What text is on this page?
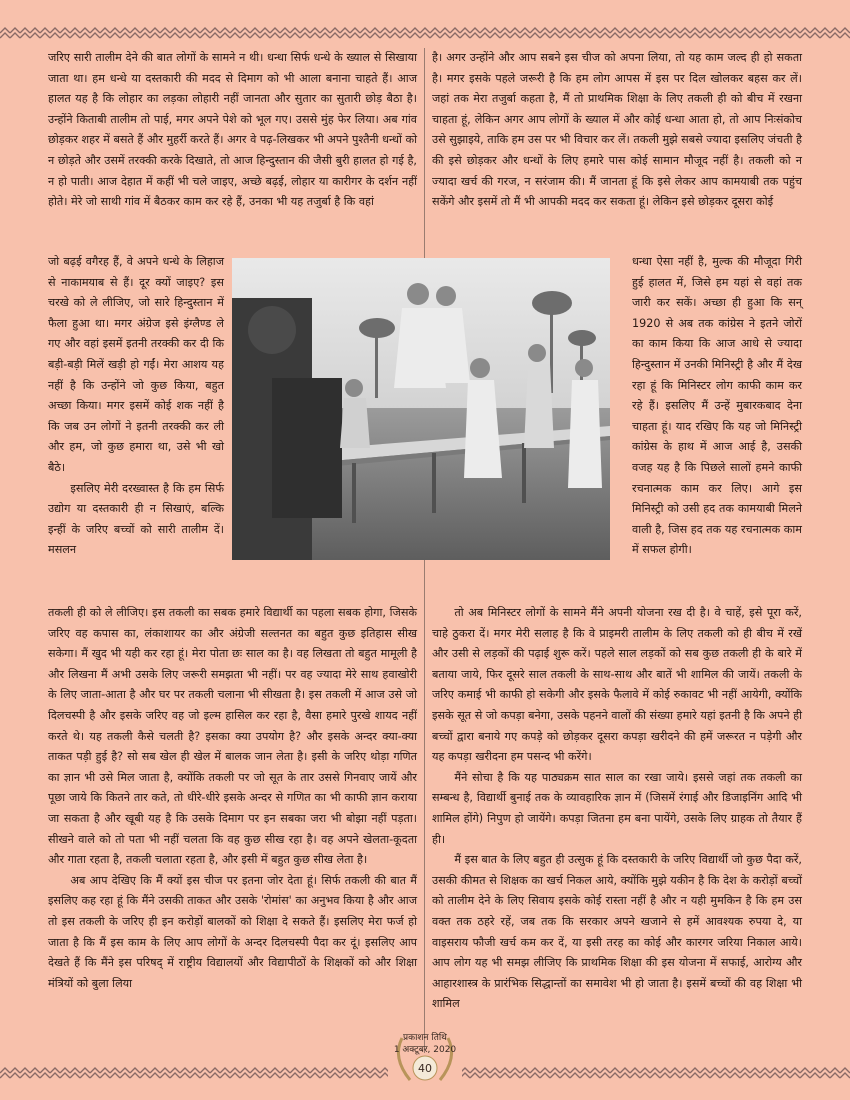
जरिए सारी तालीम देने की बात लोगों के सामने न थी। धन्धा सिर्फ धन्धे के ख्याल से सिखाया जाता था। हम धन्धे या दस्तकारी की मदद से दिमाग को भी आला बनाना चाहते हैं। आज हालत यह है कि लोहार का लड़का लोहारी नहीं जानता और सुतार का सुतारी छोड़ बैठा है। उन्होंने किताबी तालीम तो पाई, मगर अपने पेशे को भूल गए। उससे मुंह फेर लिया। अब गांव छोड़कर शहर में बसते हैं और मुहर्री करते हैं। अगर वे पढ़-लिखकर भी अपने पुश्तैनी धन्धों को न छोड़ते और उसमें तरक्की करके दिखाते, तो आज हिन्दुस्तान की जैसी बुरी हालत हो गई है, न हो पाती। आज देहात में कहीं भी चले जाइए, अच्छे बढ़ई, लोहार या कारीगर के दर्शन नहीं होते। मेरे जो साथी गांव में बैठकर काम कर रहे हैं, उनका भी यह तजुर्बा है कि वहां

जो बढ़ई वगैरह हैं, वे अपने धन्धे के लिहाज से नाकामयाब से हैं। दूर क्यों जाइए? इस चरखे को ले लीजिए, जो सारे हिन्दुस्तान में फैला हुआ था। मगर अंग्रेज इसे इंग्लैण्ड ले गए और वहां इसमें इतनी तरक्की कर दी कि बड़ी-बड़ी मिलें खड़ी हो गईं। मेरा आशय यह नहीं है कि उन्होंने जो कुछ किया, बहुत अच्छा किया। मगर इसमें कोई शक नहीं है कि जब उन लोगों ने इतनी तरक्की कर ली और हम, जो कुछ हमारा था, उसे भी खो बैठे।

इसलिए मेरी दरख्वास्त है कि हम सिर्फ उद्योग या दस्तकारी ही न सिखाएं, बल्कि इन्हीं के जरिए बच्चों को सारी तालीम दें। मसलन

तकली ही को ले लीजिए। इस तकली का सबक हमारे विद्यार्थी का पहला सबक होगा, जिसके जरिए वह कपास का, लंकाशायर का और अंग्रेजी सल्तनत का बहुत कुछ इतिहास सीख सकेगा। मैं खुद भी यही कर रहा हूं। मेरा पोता छः साल का है। वह लिखता तो बहुत मामूली है और लिखना मैं अभी उसके लिए जरूरी समझता भी नहीं। पर वह ज्यादा मेरे साथ हवाखोरी के लिए जाता-आता है और घर पर तकली चलाना भी सीखता है। इस तकली में आज उसे जो दिलचस्पी है और इसके जरिए वह जो इल्म हासिल कर रहा है, वैसा हमारे पुरखे शायद नहीं करते थे। यह तकली कैसे चलती है? इसका क्या उपयोग है? और इसके अन्दर क्या-क्या ताकत पड़ी हुई है? सो सब खेल ही खेल में बालक जान लेता है। इसी के जरिए थोड़ा गणित का ज्ञान भी उसे मिल जाता है, क्योंकि तकली पर जो सूत के तार उससे गिनवाए जायें और पूछा जाये कि कितने तार कते, तो धीरे-धीरे इसके अन्दर से गणित का भी काफी ज्ञान कराया जा सकता है और खूबी यह है कि उसके दिमाग पर इन सबका जरा भी बोझा नहीं पड़ता। सीखने वाले को तो पता भी नहीं चलता कि वह कुछ सीख रहा है। वह अपने खेलता-कूदता और गाता रहता है, तकली चलाता रहता है, और इसी में बहुत कुछ सीख लेता है।

अब आप देखिए कि मैं क्यों इस चीज पर इतना जोर देता हूं। सिर्फ तकली की बात मैं इसलिए कह रहा हूं कि मैंने उसकी ताकत और उसके 'रोमांस' का अनुभव किया है और आज तो इस तकली के जरिए ही इन करोड़ों बालकों को शिक्षा दे सकते हैं। इसलिए मेरा फर्ज हो जाता है कि मैं इस काम के लिए आप लोगों के अन्दर दिलचस्पी पैदा कर दूं। इसलिए आप देखते हैं कि मैंने इस परिषद् में राष्ट्रीय विद्यालयों और विद्यापीठों के शिक्षकों को और शिक्षा मंत्रियों को बुला लिया

है। अगर उन्होंने और आप सबने इस चीज को अपना लिया, तो यह काम जल्द ही हो सकता है। मगर इसके पहले जरूरी है कि हम लोग आपस में इस पर दिल खोलकर बहस कर लें। जहां तक मेरा तजुर्बा कहता है, मैं तो प्राथमिक शिक्षा के लिए तकली ही को बीच में रखना चाहता हूं, लेकिन अगर आप लोगों के ख्याल में और कोई धन्धा आता हो, तो आप निःसंकोच उसे सुझाइये, ताकि हम उस पर भी विचार कर लें। तकली मुझे सबसे ज्यादा इसलिए जंचती है की इसे छोड़कर और धन्धों के लिए हमारे पास कोई सामान मौजूद नहीं है। तकली को न ज्यादा खर्च की गरज, न सरंजाम की। मैं जानता हूं कि इसे लेकर आप कामयाबी तक पहुंच सकेंगे और इसमें तो मैं भी आपकी मदद कर सकता हूं। लेकिन इसे छोड़कर दूसरा कोई

धन्धा ऐसा नहीं है, मुल्क की मौजूदा गिरी हुई हालत में, जिसे हम यहां से वहां तक जारी कर सकें। अच्छा ही हुआ कि सन् 1920 से अब तक कांग्रेस ने इतने जोरों का काम किया कि आज आधे से ज्यादा हिन्दुस्तान में उनकी मिनिस्ट्री है और मैं देख रहा हूं कि मिनिस्टर लोग काफी काम कर रहे हैं। इसलिए मैं उन्हें मुबारकबाद देना चाहता हूं। याद रखिए कि यह जो मिनिस्ट्री कांग्रेस के हाथ में आज आई है, उसकी वजह यह है कि पिछले सालों हमने काफी रचनात्मक काम कर लिए। आगे इस मिनिस्ट्री को उसी हद तक कामयाबी मिलने वाली है, जिस हद तक यह रचनात्मक काम में सफल होगी।

तो अब मिनिस्टर लोगों के सामने मैंने अपनी योजना रख दी है। वे चाहें, इसे पूरा करें, चाहे ठुकरा दें। मगर मेरी सलाह है कि वे प्राइमरी तालीम के लिए तकली को ही बीच में रखें और उसी से लड़कों की पढ़ाई शुरू करें। पहले साल लड़कों को सब कुछ तकली ही के बारे में बताया जाये, फिर दूसरे साल तकली के साथ-साथ और बातें भी शामिल की जायें। तकली के जरिए कमाई भी काफी हो सकेगी और इसके फैलावे में कोई रुकावट भी नहीं आयेगी, क्योंकि इसके सूत से जो कपड़ा बनेगा, उसके पहनने वालों की संख्या हमारे यहां इतनी है कि अपने ही बच्चों द्वारा बनाये गए कपड़े को छोड़कर दूसरा कपड़ा खरीदने की हमें जरूरत न पड़ेगी और यह कपड़ा खरीदना हम पसन्द भी करेंगे।

मैंने सोचा है कि यह पाठ्यक्रम सात साल का रखा जाये। इससे जहां तक तकली का सम्बन्ध है, विद्यार्थी बुनाई तक के व्यावहारिक ज्ञान में (जिसमें रंगाई और डिजाइनिंग आदि भी शामिल होंगे) निपुण हो जायेंगे। कपड़ा जितना हम बना पायेंगे, उसके लिए ग्राहक तो तैयार हैं ही।

मैं इस बात के लिए बहुत ही उत्सुक हूं कि दस्तकारी के जरिए विद्यार्थी जो कुछ पैदा करें, उसकी कीमत से शिक्षक का खर्च निकल आये, क्योंकि मुझे यकीन है कि देश के करोड़ों बच्चों को तालीम देने के लिए सिवाय इसके कोई रास्ता नहीं है और न यही मुमकिन है कि हम उस वक्त तक ठहरे रहें, जब तक कि सरकार अपने खजाने से हमें आवश्यक रुपया दे, या वाइसराय फौजी खर्च कम कर दें, या इसी तरह का कोई और कारगर जरिया निकाल आये। आप लोग यह भी समझ लीजिए कि प्राथमिक शिक्षा की इस योजना में सफाई, आरोग्य और आहारशास्त्र के प्रारंभिक सिद्धान्तों का समावेश भी हो जाता है। इसमें बच्चों की वह शिक्षा भी शामिल

प्रकाशन तिथि
1 अक्टूबर, 2020
40
